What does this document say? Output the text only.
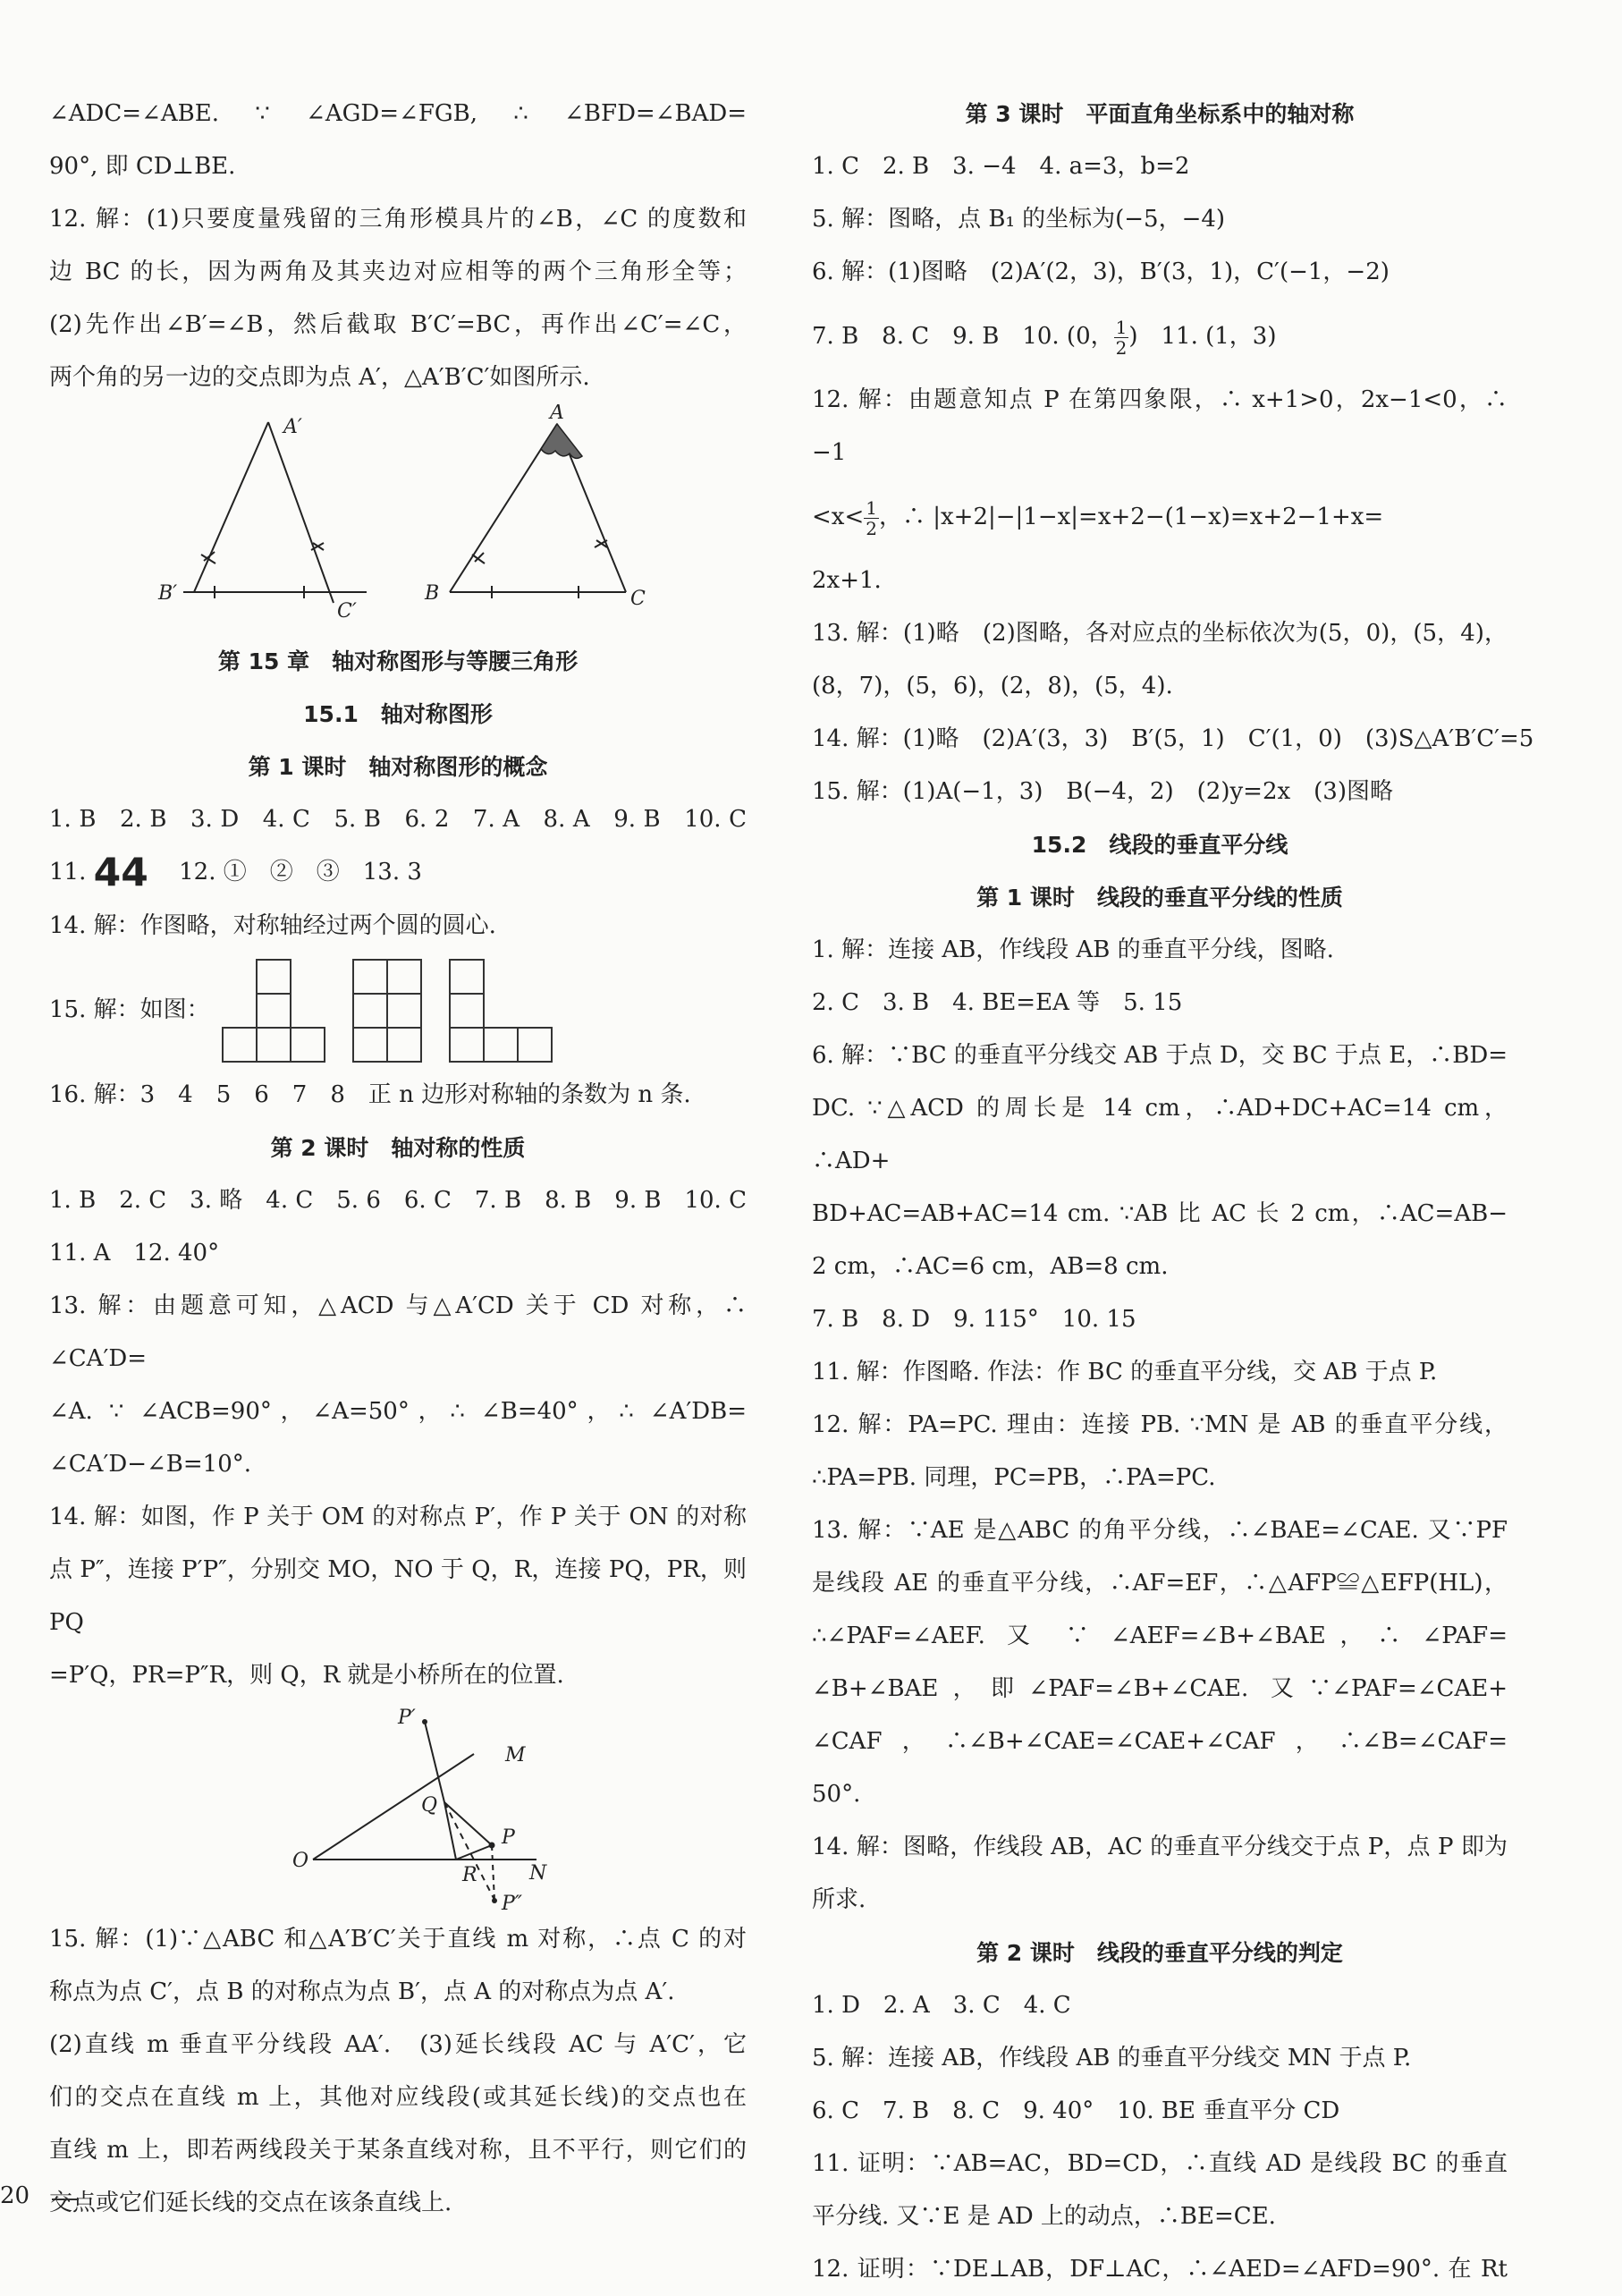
∠ADC=∠ABE. ∵ ∠AGD=∠FGB, ∴ ∠BFD=∠BAD=

90°, 即 CD⊥BE.

12. 解：(1)只要度量残留的三角形模具片的∠B，∠C 的度数和

边 BC 的长，因为两角及其夹边对应相等的两个三角形全等；

(2)先作出∠B′=∠B，然后截取 B′C′=BC，再作出∠C′=∠C，

两个角的另一边的交点即为点 A′，△A′B′C′如图所示.

A′
B′
C′
A
B	C

第 15 章　轴对称图形与等腰三角形

15.1　轴对称图形

第 1 课时　轴对称图形的概念

1. B　2. B　3. D　4. C　5. B　6. 2　7. A　8. A　9. B　10. C

11. 44 　12. ①　②　③　13. 3

14. 解：作图略，对称轴经过两个圆的圆心.

15. 解：如图：

16. 解：3　4　5　6　7　8　正 n 边形对称轴的条数为 n 条.

第 2 课时　轴对称的性质

1. B　2. C　3. 略　4. C　5. 6　6. C　7. B　8. B　9. B　10. C

11. A　12. 40°

13. 解：由题意可知，△ACD 与△A′CD 关于 CD 对称，∴ ∠CA′D=

∠A. ∵ ∠ACB=90°，∠A=50°，∴ ∠B=40°，∴ ∠A′DB=

∠CA′D−∠B=10°.

14. 解：如图，作 P 关于 OM 的对称点 P′，作 P 关于 ON 的对称

点 P″，连接 P′P″，分别交 MO，NO 于 Q，R，连接 PQ，PR，则 PQ

=P′Q，PR=P″R，则 Q，R 就是小桥所在的位置.

P′
M
Q
P
O
R	N
P″

15. 解：(1)∵△ABC 和△A′B′C′关于直线 m 对称，∴点 C 的对

称点为点 C′，点 B 的对称点为点 B′，点 A 的对称点为点 A′.

(2)直线 m 垂直平分线段 AA′.　(3)延长线段 AC 与 A′C′，它

们的交点在直线 m 上，其他对应线段(或其延长线)的交点也在

直线 m 上，即若两线段关于某条直线对称，且不平行，则它们的

交点或它们延长线的交点在该条直线上.

第 3 课时　平面直角坐标系中的轴对称

1. C　2. B　3. −4　4. a=3，b=2

5. 解：图略，点 B₁ 的坐标为(−5，−4)

6. 解：(1)图略　(2)A′(2，3)，B′(3，1)，C′(−1，−2)

7. B　8. C　9. B　10. (0， $\frac{1}{2}$ )　11. (1，3)

12. 解：由题意知点 P 在第四象限，∴ x+1>0，2x−1<0，∴ −1

$<x< \frac{1}{2}$ ，∴ |x+2|−|1−x|=x+2−(1−x)=x+2−1+x=

2x+1.

13. 解：(1)略　(2)图略，各对应点的坐标依次为(5，0)，(5，4)，

(8，7)，(5，6)，(2，8)，(5，4).

14. 解：(1)略　(2)A′(3，3)　B′(5，1)　C′(1，0)　(3)S△A′B′C′=5

15. 解：(1)A(−1，3)　B(−4，2)　(2)y=2x　(3)图略

15.2　线段的垂直平分线

第 1 课时　线段的垂直平分线的性质

1. 解：连接 AB，作线段 AB 的垂直平分线，图略.

2. C　3. B　4. BE=EA 等　5. 15

6. 解：∵BC 的垂直平分线交 AB 于点 D，交 BC 于点 E，∴BD=

DC. ∵△ACD 的周长是 14 cm，∴AD+DC+AC=14 cm，∴AD+

BD+AC=AB+AC=14 cm. ∵AB 比 AC 长 2 cm，∴AC=AB−

2 cm，∴AC=6 cm，AB=8 cm.

7. B　8. D　9. 115°　10. 15

11. 解：作图略. 作法：作 BC 的垂直平分线，交 AB 于点 P.

12. 解：PA=PC. 理由：连接 PB. ∵MN 是 AB 的垂直平分线，

∴PA=PB. 同理，PC=PB，∴PA=PC.

13. 解：∵AE 是△ABC 的角平分线，∴∠BAE=∠CAE. 又∵PF

是线段 AE 的垂直平分线，∴AF=EF，∴△AFP≌△EFP(HL)，

∴∠PAF=∠AEF. 又 ∵ ∠AEF=∠B+∠BAE，∴ ∠PAF=

∠B+∠BAE，即∠PAF=∠B+∠CAE. 又∵∠PAF=∠CAE+

∠CAF，∴∠B+∠CAE=∠CAE+∠CAF，∴∠B=∠CAF=

50°.

14. 解：图略，作线段 AB，AC 的垂直平分线交于点 P，点 P 即为

所求.

第 2 课时　线段的垂直平分线的判定

1. D　2. A　3. C　4. C

5. 解：连接 AB，作线段 AB 的垂直平分线交 MN 于点 P.

6. C　7. B　8. C　9. 40°　10. BE 垂直平分 CD

11. 证明：∵AB=AC，BD=CD，∴直线 AD 是线段 BC 的垂直

平分线. 又∵E 是 AD 上的动点，∴BE=CE.

12. 证明：∵DE⊥AB，DF⊥AC，∴∠AED=∠AFD=90°. 在 Rt

20
